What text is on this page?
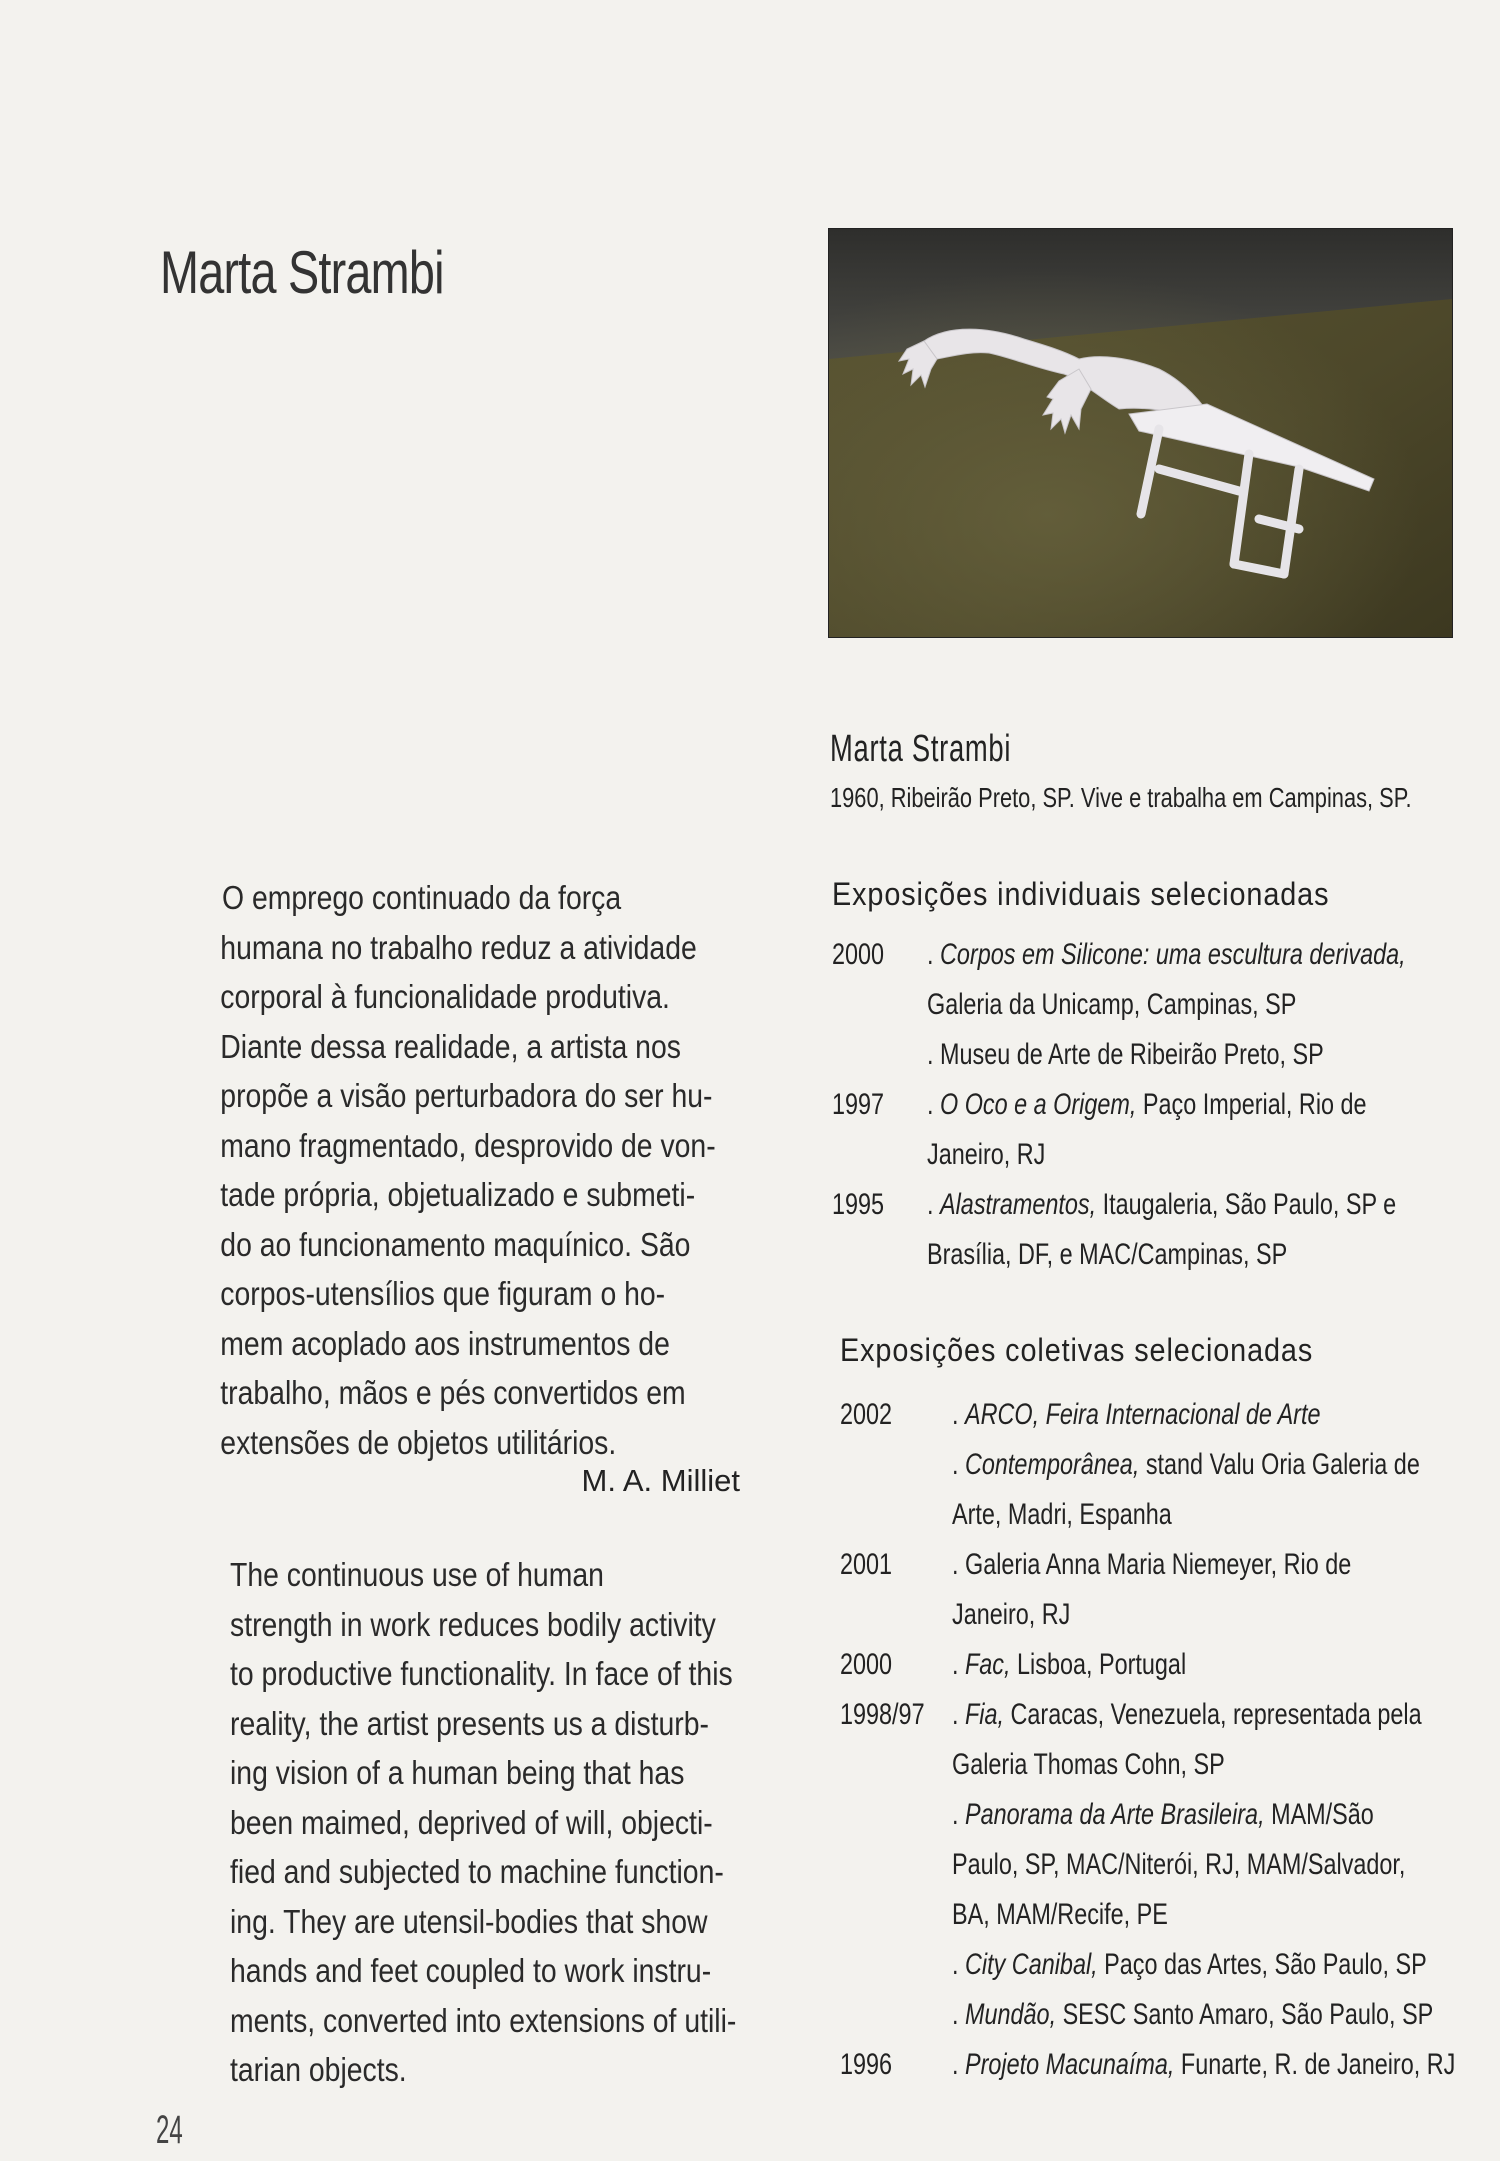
Marta Strambi
Marta Strambi
1960, Ribeirão Preto, SP. Vive e trabalha em Campinas, SP.
O emprego continuado da força
humana no trabalho reduz a atividade
corporal à funcionalidade produtiva.
Diante dessa realidade, a artista nos
propõe a visão perturbadora do ser hu-
mano fragmentado, desprovido de von-
tade própria, objetualizado e submeti-
do ao funcionamento maquínico. São
corpos-utensílios que figuram o ho-
mem acoplado aos instrumentos de
trabalho, mãos e pés convertidos em
extensões de objetos utilitários.
M. A. Milliet
The continuous use of human
strength in work reduces bodily activity
to productive functionality. In face of this
reality, the artist presents us a disturb-
ing vision of a human being that has
been maimed, deprived of will, objecti-
fied and subjected to machine function-
ing. They are utensil-bodies that show
hands and feet coupled to work instru-
ments, converted into extensions of utili-
tarian objects.
Exposições individuais selecionadas
2000 . Corpos em Silicone: uma escultura derivada,
Galeria da Unicamp, Campinas, SP
. Museu de Arte de Ribeirão Preto, SP
1997 . O Oco e a Origem, Paço Imperial, Rio de
Janeiro, RJ
1995 . Alastramentos, Itaugaleria, São Paulo, SP e
Brasília, DF, e MAC/Campinas, SP
Exposições coletivas selecionadas
2002 . ARCO, Feira Internacional de Arte
. Contemporânea, stand Valu Oria Galeria de
Arte, Madri, Espanha
2001 . Galeria Anna Maria Niemeyer, Rio de
Janeiro, RJ
2000 . Fac, Lisboa, Portugal
1998/97 . Fia, Caracas, Venezuela, representada pela
Galeria Thomas Cohn, SP
. Panorama da Arte Brasileira, MAM/São
Paulo, SP, MAC/Niterói, RJ, MAM/Salvador,
BA, MAM/Recife, PE
. City Canibal, Paço das Artes, São Paulo, SP
. Mundão, SESC Santo Amaro, São Paulo, SP
1996 . Projeto Macunaíma, Funarte, R. de Janeiro, RJ
24
